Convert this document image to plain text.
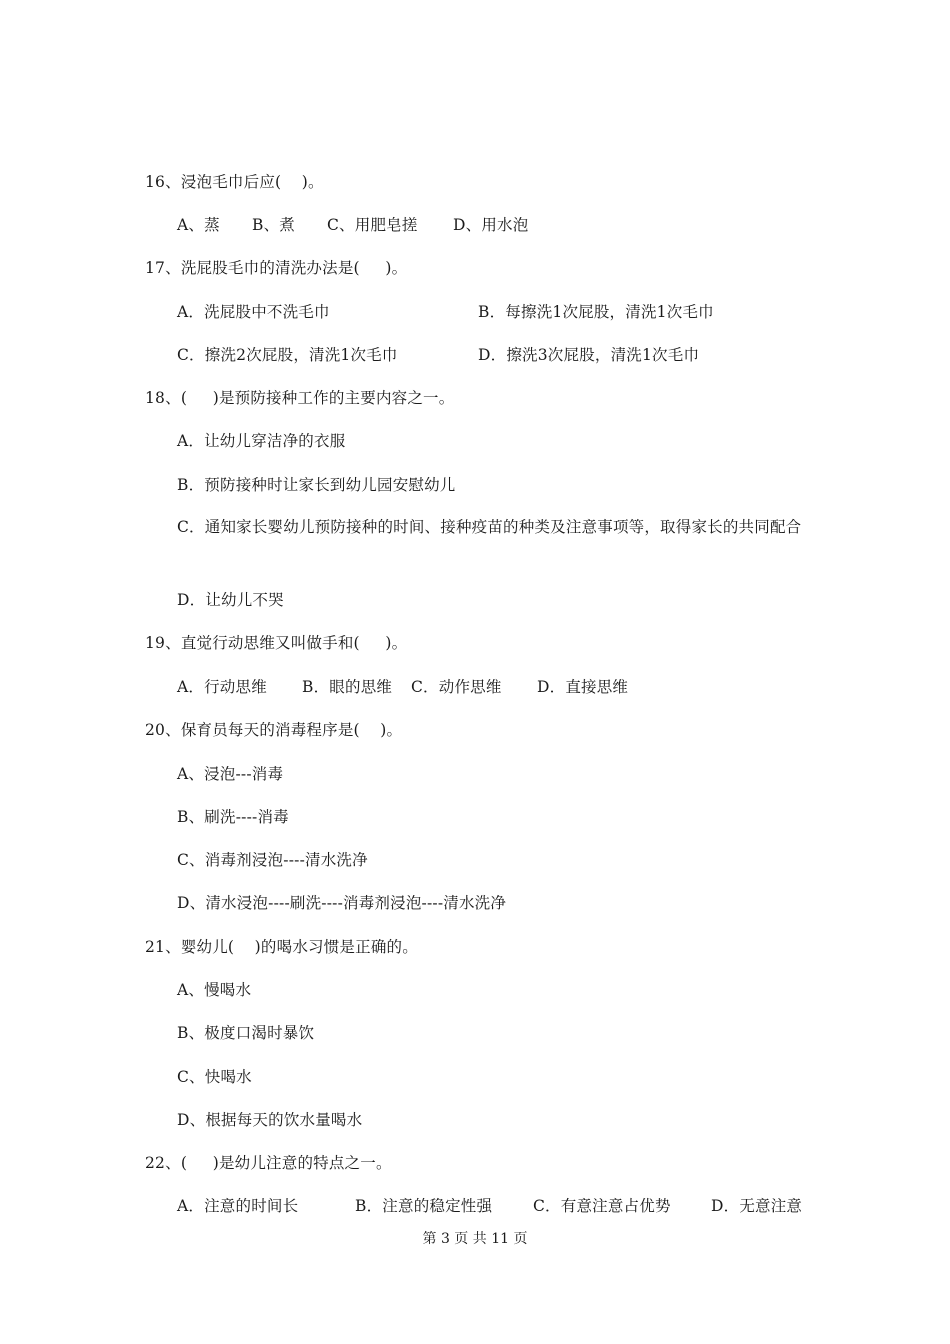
16、浸泡毛巾后应(    )。
A、蒸 B、煮 C、用肥皂搓 D、用水泡
17、洗屁股毛巾的清洗办法是(     )。
A．洗屁股中不洗毛巾	B．每擦洗1次屁股，清洗1次毛巾
C．擦洗2次屁股，清洗1次毛巾	D．擦洗3次屁股，清洗1次毛巾
18、(     )是预防接种工作的主要内容之一。
A．让幼儿穿洁净的衣服
B．预防接种时让家长到幼儿园安慰幼儿
C．通知家长婴幼儿预防接种的时间、接种疫苗的种类及注意事项等，取得家长的共同配合
D．让幼儿不哭
19、直觉行动思维又叫做手和(     )。
A．行动思维 B．眼的思维 C．动作思维 D．直接思维
20、保育员每天的消毒程序是(    )。
A、浸泡---消毒
B、刷洗----消毒
C、消毒剂浸泡----清水洗净
D、清水浸泡----刷洗----消毒剂浸泡----清水洗净
21、婴幼儿(    )的喝水习惯是正确的。
A、慢喝水
B、极度口渴时暴饮
C、快喝水
D、根据每天的饮水量喝水
22、(     )是幼儿注意的特点之一。
A．注意的时间长	B．注意的稳定性强	C．有意注意占优势	D．无意注意
第 3 页 共 11 页
